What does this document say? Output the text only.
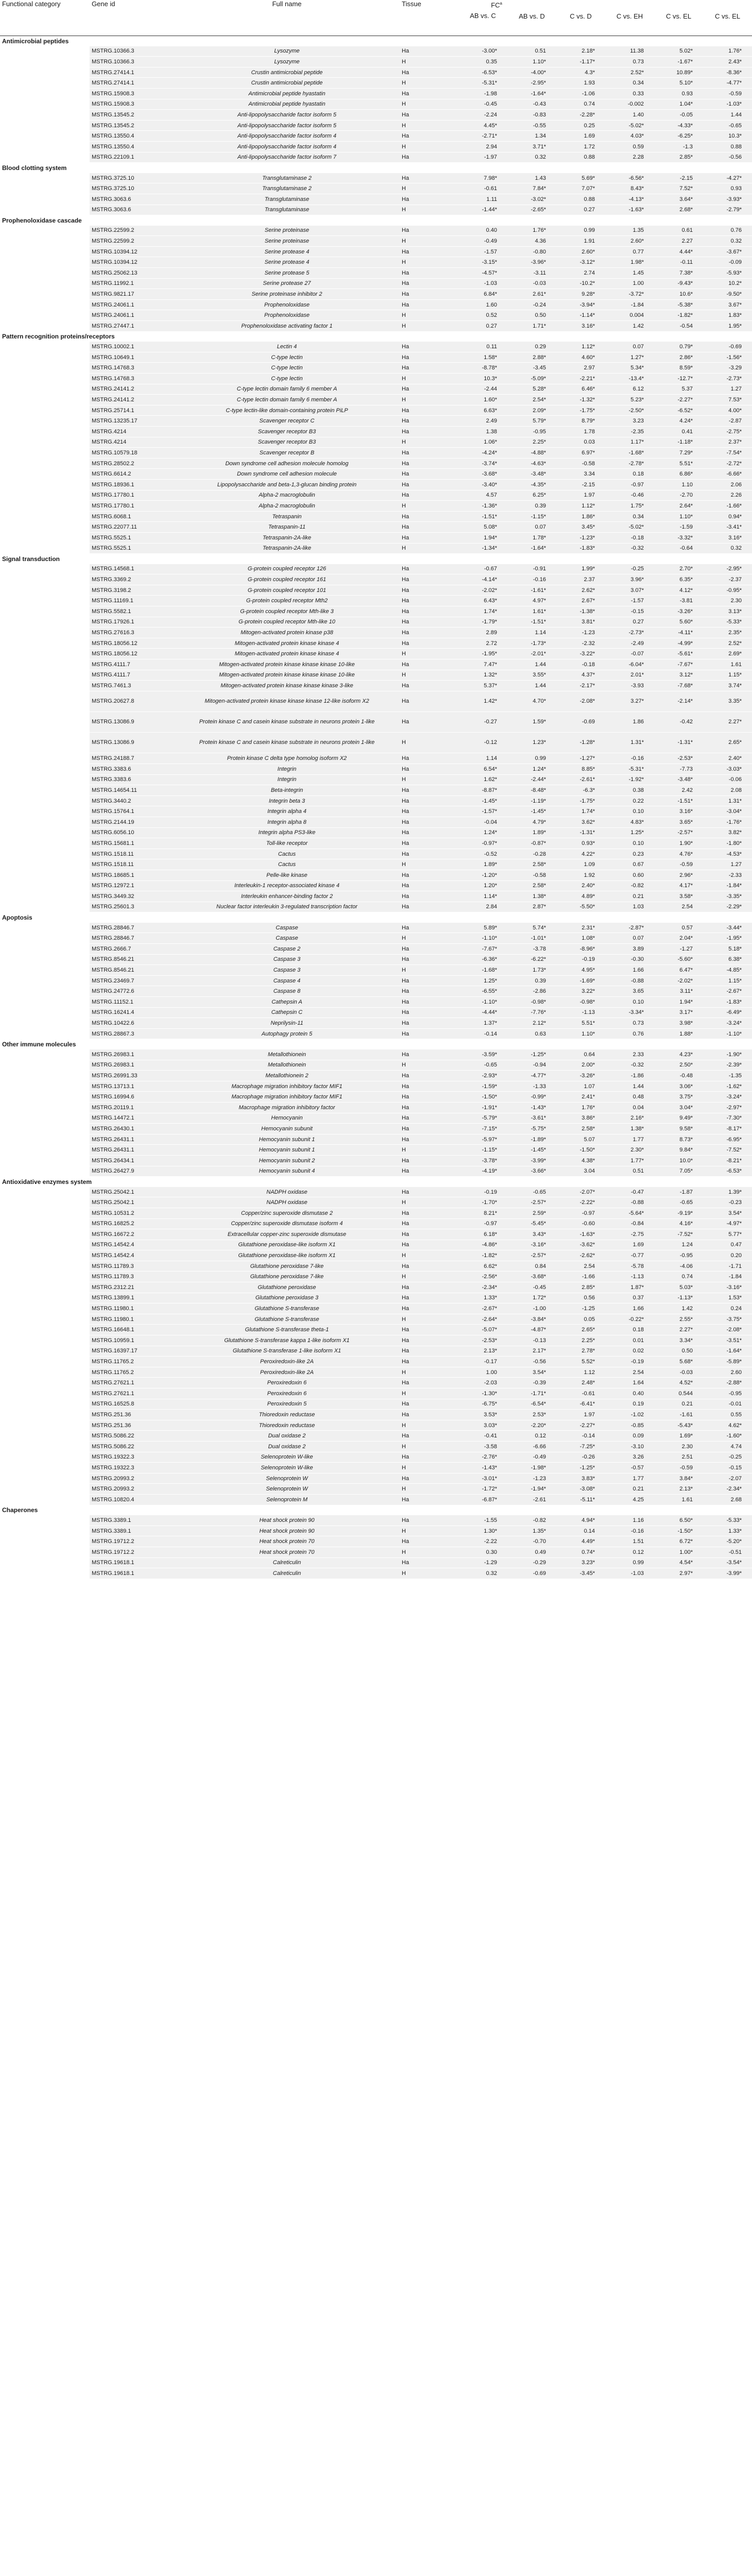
Functional category	Gene id	Full name	Tissue	$FC^a$
AB vs. C	AB vs. D	C vs. D	C vs. EH	C vs. EL	C vs. EL
Antimicrobial peptides									
	MSTRG.10366.3	Lysozyme	Ha	-3.00*	0.51	2.18*	11.38	5.02*	1.76*
	MSTRG.10366.3	Lysozyme	H	0.35	1.10*	-1.17*	0.73	-1.67*	2.43*
	MSTRG.27414.1	Crustin antimicrobial peptide	Ha	-6.53*	-4.00*	4.3*	2.52*	10.89*	-8.36*
	MSTRG.27414.1	Crustin antimicrobial peptide	H	-5.31*	-2.95*	1.93	0.34	5.10*	-4.77*
	MSTRG.15908.3	Antimicrobial peptide hyastatin	Ha	-1.98	-1.64*	-1.06	0.33	0.93	-0.59
	MSTRG.15908.3	Antimicrobial peptide hyastatin	H	-0.45	-0.43	0.74	-0.002	1.04*	-1.03*
	MSTRG.13545.2	Anti-lipopolysaccharide factor isoform 5	Ha	-2.24	-0.83	-2.28*	1.40	-0.05	1.44
	MSTRG.13545.2	Anti-lipopolysaccharide factor isoform 5	H	4.45*	-0.55	0.25	-5.02*	-4.33*	-0.65
	MSTRG.13550.4	Anti-lipopolysaccharide factor isoform 4	Ha	-2.71*	1.34	1.69	4.03*	-6.25*	10.3*
	MSTRG.13550.4	Anti-lipopolysaccharide factor isoform 4	H	2.94	3.71*	1.72	0.59	-1.3	0.88
	MSTRG.22109.1	Anti-lipopolysaccharide factor isoform 7	Ha	-1.97	0.32	0.88	2.28	2.85*	-0.56
Blood clotting system									
	MSTRG.3725.10	Transglutaminase 2	Ha	7.98*	1.43	5.69*	-6.56*	-2.15	-4.27*
	MSTRG.3725.10	Transglutaminase 2	H	-0.61	7.84*	7.07*	8.43*	7.52*	0.93
	MSTRG.3063.6	Transglutaminase	Ha	1.11	-3.02*	0.88	-4.13*	3.64*	-3.93*
	MSTRG.3063.6	Transglutaminase	H	-1.44*	-2.65*	0.27	-1.63*	2.68*	-2.79*
Prophenoloxidase cascade									
	MSTRG.22599.2	Serine proteinase	Ha	0.40	1.76*	0.99	1.35	0.61	0.76
	MSTRG.22599.2	Serine proteinase	H	-0.49	4.36	1.91	2.60*	2.27	0.32
	MSTRG.10394.12	Serine protease 4	Ha	-1.57	-0.80	2.60*	0.77	4.44*	-3.67*
	MSTRG.10394.12	Serine protease 4	H	-3.15*	-3.96*	-3.12*	1.98*	-0.11	-0.09
	MSTRG.25062.13	Serine protease 5	Ha	-4.57*	-3.11	2.74	1.45	7.38*	-5.93*
	MSTRG.11992.1	Serine protease 27	Ha	-1.03	-0.03	-10.2*	1.00	-9.43*	10.2*
	MSTRG.9821.17	Serine proteinase inhibitor 2	Ha	6.84*	2.61*	9.28*	-3.72*	10.6*	-9.50*
	MSTRG.24061.1	Prophenoloxidase	Ha	1.60	-0.24	-3.94*	-1.84	-5.38*	3.67*
	MSTRG.24061.1	Prophenoloxidase	H	0.52	0.50	-1.14*	0.004	-1.82*	1.83*
	MSTRG.27447.1	Prophenoloxidase activating factor 1	H	0.27	1.71*	3.16*	1.42	-0.54	1.95*
Pattern recognition proteins/receptors									
	MSTRG.10002.1	Lectin 4	Ha	0.11	0.29	1.12*	0.07	0.79*	-0.69
	MSTRG.10649.1	C-type lectin	Ha	1.58*	2.88*	4.60*	1.27*	2.86*	-1.56*
	MSTRG.14768.3	C-type lectin	Ha	-8.78*	-3.45	2.97	5.34*	8.59*	-3.29
	MSTRG.14768.3	C-type lectin	H	10.3*	-5.09*	-2.21*	-13.4*	-12.7*	-2.73*
	MSTRG.24141.2	C-type lectin domain family 6 member A	Ha	-2.44	5.28*	6.46*	6.12	5.37	1.27
	MSTRG.24141.2	C-type lectin domain family 6 member A	H	1.60*	2.54*	-1.32*	5.23*	-2.27*	7.53*
	MSTRG.25714.1	C-type lectin-like domain-containing protein PiLP	Ha	6.63*	2.09*	-1.75*	-2.50*	-6.52*	4.00*
	MSTRG.13235.17	Scavenger receptor C	Ha	2.49	5.79*	8.79*	3.23	4.24*	-2.87
	MSTRG.4214	Scavenger receptor B3	Ha	1.38	-0.95	1.78	-2.35	0.41	-2.75*
	MSTRG.4214	Scavenger receptor B3	H	1.06*	2.25*	0.03	1.17*	-1.18*	2.37*
	MSTRG.10579.18	Scavenger receptor B	Ha	-4.24*	-4.88*	6.97*	-1.68*	7.29*	-7.54*
	MSTRG.28502.2	Down syndrome cell adhesion molecule homolog	Ha	-3.74*	-4.63*	-0.58	-2.78*	5.51*	-2.72*
	MSTRG.6614.2	Down syndrome cell adhesion molecule	Ha	-3.68*	-3.48*	3.34	0.18	6.86*	-6.66*
	MSTRG.18936.1	Lipopolysaccharide and beta-1,3-glucan binding protein	Ha	-3.40*	-4.35*	-2.15	-0.97	1.10	2.06
	MSTRG.17780.1	Alpha-2 macroglobulin	Ha	4.57	6.25*	1.97	-0.46	-2.70	2.26
	MSTRG.17780.1	Alpha-2 macroglobulin	H	-1.36*	0.39	1.12*	1.75*	2.64*	-1.66*
	MSTRG.6068.1	Tetraspanin	Ha	-1.51*	-1.15*	1.86*	0.34	1.10*	0.94*
	MSTRG.22077.11	Tetraspanin-11	Ha	5.08*	0.07	3.45*	-5.02*	-1.59	-3.41*
	MSTRG.5525.1	Tetraspanin-2A-like	Ha	1.94*	1.78*	-1.23*	-0.18	-3.32*	3.16*
	MSTRG.5525.1	Tetraspanin-2A-like	H	-1.34*	-1.64*	-1.83*	-0.32	-0.64	0.32
Signal transduction									
	MSTRG.14568.1	G-protein coupled receptor 126	Ha	-0.67	-0.91	1.99*	-0.25	2.70*	-2.95*
	MSTRG.3369.2	G-protein coupled receptor 161	Ha	-4.14*	-0.16	2.37	3.96*	6.35*	-2.37
	MSTRG.3198.2	G-protein coupled receptor 101	Ha	-2.02*	-1.61*	2.62*	3.07*	4.12*	-0.95*
	MSTRG.11169.1	G-protein coupled receptor Mth2	Ha	6.43*	4.97*	2.67*	-1.57	-3.81	2.30
	MSTRG.5582.1	G-protein coupled receptor Mth-like 3	Ha	1.74*	1.61*	-1.38*	-0.15	-3.26*	3.13*
	MSTRG.17926.1	G-protein coupled receptor Mth-like 10	Ha	-1.79*	-1.51*	3.81*	0.27	5.60*	-5.33*
	MSTRG.27616.3	Mitogen-activated protein kinase p38	Ha	2.89	1.14	-1.23	-2.73*	-4.11*	2.35*
	MSTRG.18056.12	Mitogen-activated protein kinase kinase 4	Ha	2.72	-1.73*	-2.32	-2.49	-4.99*	2.52*
	MSTRG.18056.12	Mitogen-activated protein kinase kinase 4	H	-1.95*	-2.01*	-3.22*	-0.07	-5.61*	2.69*
	MSTRG.4111.7	Mitogen-activated protein kinase kinase kinase 10-like	Ha	7.47*	1.44	-0.18	-6.04*	-7.67*	1.61
	MSTRG.4111.7	Mitogen-activated protein kinase kinase kinase 10-like	H	1.32*	3.55*	4.37*	2.01*	3.12*	1.15*
	MSTRG.7461.3	Mitogen-activated protein kinase kinase kinase 3-like	Ha	5.37*	1.44	-2.17*	-3.93	-7.68*	3.74*
	MSTRG.20627.8	Mitogen-activated protein kinase kinase kinase 12-like isoform X2	Ha	1.42*	4.70*	-2.08*	3.27*	-2.14*	3.35*
	MSTRG.13086.9	Protein kinase C and casein kinase substrate in neurons protein 1-like	Ha	-0.27	1.59*	-0.69	1.86	-0.42	2.27*
	MSTRG.13086.9	Protein kinase C and casein kinase substrate in neurons protein 1-like	H	-0.12	1.23*	-1.28*	1.31*	-1.31*	2.65*
	MSTRG.24188.7	Protein kinase C delta type homolog isoform X2	Ha	1.14	0.99	-1.27*	-0.16	-2.53*	2.40*
	MSTRG.3383.6	Integrin	Ha	6.54*	1.24*	8.85*	-5.31*	-7.73	-3.03*
	MSTRG.3383.6	Integrin	H	1.62*	-2.44*	-2.61*	-1.92*	-3.48*	-0.06
	MSTRG.14654.11	Beta-integrin	Ha	-8.87*	-8.48*	-6.3*	0.38	2.42	2.08
	MSTRG.3440.2	Integrin beta 3	Ha	-1.45*	-1.19*	-1.75*	0.22	-1.51*	1.31*
	MSTRG.15764.1	Integrin alpha 4	Ha	-1.57*	-1.45*	1.74*	0.10	3.16*	-3.04*
	MSTRG.2144.19	Integrin alpha 8	Ha	-0.04	4.79*	3.62*	4.83*	3.65*	-1.76*
	MSTRG.6056.10	Integrin alpha PS3-like	Ha	1.24*	1.89*	-1.31*	1.25*	-2.57*	3.82*
	MSTRG.15681.1	Toll-like receptor	Ha	-0.97*	-0.87*	0.93*	0.10	1.90*	-1.80*
	MSTRG.1518.11	Cactus	Ha	-0.52	-0.28	4.22*	0.23	4.76*	-4.53*
	MSTRG.1518.11	Cactus	H	1.89*	2.58*	1.09	0.67	-0.59	1.27
	MSTRG.18685.1	Pelle-like kinase	Ha	-1.20*	-0.58	1.92	0.60	2.96*	-2.33
	MSTRG.12972.1	Interleukin-1 receptor-associated kinase 4	Ha	1.20*	2.58*	2.40*	-0.82	4.17*	-1.84*
	MSTRG.3449.32	Interleukin enhancer-binding factor 2	Ha	1.14*	1.38*	4.89*	0.21	3.58*	-3.35*
	MSTRG.25601.3	Nuclear factor interleukin 3-regulated transcription factor	Ha	2.84	2.87*	-5.50*	1.03	2.54	-2.29*
Apoptosis									
	MSTRG.28846.7	Caspase	Ha	5.89*	5.74*	2.31*	-2.87*	0.57	-3.44*
	MSTRG.28846.7	Caspase	H	-1.10*	-1.01*	1.08*	0.07	2.04*	-1.95*
	MSTRG.2666.7	Caspase 2	Ha	-7.67*	-3.78	-8.96*	3.89	-1.27	5.18*
	MSTRG.8546.21	Caspase 3	Ha	-6.36*	-6.22*	-0.19	-0.30	-5.60*	6.38*
	MSTRG.8546.21	Caspase 3	H	-1.68*	1.73*	4.95*	1.66	6.47*	-4.85*
	MSTRG.23469.7	Caspase 4	Ha	1.25*	0.39	-1.69*	-0.88	-2.02*	1.15*
	MSTRG.24772.6	Caspase 8	Ha	-6.55*	-2.86	3.22*	3.65	3.11*	-2.67*
	MSTRG.11152.1	Cathepsin A	Ha	-1.10*	-0.98*	-0.98*	0.10	1.94*	-1.83*
	MSTRG.16241.4	Cathepsin C	Ha	-4.44*	-7.76*	-1.13	-3.34*	3.17*	-6.49*
	MSTRG.10422.6	Neprilysin-11	Ha	1.37*	2.12*	5.51*	0.73	3.98*	-3.24*
	MSTRG.28867.3	Autophagy protein 5	Ha	-0.14	0.63	1.10*	0.76	1.88*	-1.10*
Other immune molecules									
	MSTRG.26983.1	Metallothionein	Ha	-3.59*	-1.25*	0.64	2.33	4.23*	-1.90*
	MSTRG.26983.1	Metallothionein	H	-0.65	-0.94	2.00*	-0.32	2.50*	-2.39*
	MSTRG.26991.33	Metallothionein 2	Ha	-2.93*	-4.77*	-3.26*	-1.86	-0.48	-1.35
	MSTRG.13713.1	Macrophage migration inhibitory factor MIF1	Ha	-1.59*	-1.33	1.07	1.44	3.06*	-1.62*
	MSTRG.16994.6	Macrophage migration inhibitory factor MIF1	Ha	-1.50*	-0.99*	2.41*	0.48	3.75*	-3.24*
	MSTRG.20119.1	Macrophage migration inhibitory factor	Ha	-1.91*	-1.43*	1.76*	0.04	3.04*	-2.97*
	MSTRG.14472.1	Hemocyanin	Ha	-5.79*	-3.61*	3.86*	2.16*	9.49*	-7.30*
	MSTRG.26430.1	Hemocyanin subunit	Ha	-7.15*	-5.75*	2.58*	1.38*	9.58*	-8.17*
	MSTRG.26431.1	Hemocyanin subunit 1	Ha	-5.97*	-1.89*	5.07	1.77	8.73*	-6.95*
	MSTRG.26431.1	Hemocyanin subunit 1	H	-1.15*	-1.45*	-1.50*	2.30*	9.84*	-7.52*
	MSTRG.26434.1	Hemocyanin subunit 2	Ha	-3.78*	-3.99*	4.38*	1.77*	10.0*	-8.21*
	MSTRG.26427.9	Hemocyanin subunit 4	Ha	-4.19*	-3.66*	3.04	0.51	7.05*	-6.53*
Antioxidative enzymes system									
	MSTRG.25042.1	NADPH oxidase	Ha	-0.19	-0.65	-2.07*	-0.47	-1.87	1.39*
	MSTRG.25042.1	NADPH oxidase	H	-1.70*	-2.57*	-2.22*	-0.88	-0.65	-0.23
	MSTRG.10531.2	Copper/zinc superoxide dismutase 2	Ha	8.21*	2.59*	-0.97	-5.64*	-9.19*	3.54*
	MSTRG.16825.2	Copper/zinc superoxide dismutase isoform 4	Ha	-0.97	-5.45*	-0.60	-0.84	4.16*	-4.97*
	MSTRG.16672.2	Extracellular copper-zinc superoxide dismutase	Ha	6.18*	3.43*	-1.63*	-2.75	-7.52*	5.77*
	MSTRG.14542.4	Glutathione peroxidase-like isoform X1	Ha	-4.86*	-3.16*	-3.62*	1.69	1.24	0.47
	MSTRG.14542.4	Glutathione peroxidase-like isoform X1	H	-1.82*	-2.57*	-2.62*	-0.77	-0.95	0.20
	MSTRG.11789.3	Glutathione peroxidase 7-like	Ha	6.62*	0.84	2.54	-5.78	-4.06	-1.71
	MSTRG.11789.3	Glutathione peroxidase 7-like	H	-2.56*	-3.68*	-1.66	-1.13	0.74	-1.84
	MSTRG.2312.21	Glutathione peroxidase	Ha	-2.34*	-0.45	2.85*	1.87*	5.03*	-3.16*
	MSTRG.13899.1	Glutathione peroxidase 3	Ha	1.33*	1.72*	0.56	0.37	-1.13*	1.53*
	MSTRG.11980.1	Glutathione S-transferase	Ha	-2.67*	-1.00	-1.25	1.66	1.42	0.24
	MSTRG.11980.1	Glutathione S-transferase	H	-2.64*	-3.84*	0.05	-0.22*	2.55*	-3.75*
	MSTRG.16648.1	Glutathione S-transferase theta-1	Ha	-5.07*	-4.87*	2.65*	0.18	2.27*	-2.08*
	MSTRG.10959.1	Glutathione S-transferase kappa 1-like isoform X1	Ha	-2.53*	-0.13	2.25*	0.01	3.34*	-3.51*
	MSTRG.16397.17	Glutathione S-transferase 1-like isoform X1	Ha	2.13*	2.17*	2.78*	0.02	0.50	-1.64*
	MSTRG.11765.2	Peroxiredoxin-like 2A	Ha	-0.17	-0.56	5.52*	-0.19	5.68*	-5.89*
	MSTRG.11765.2	Peroxiredoxin-like 2A	H	1.00	3.54*	1.12	2.54	-0.03	2.60
	MSTRG.27621.1	Peroxiredoxin 6	Ha	-2.03	-0.39	2.48*	1.64	4.52*	-2.88*
	MSTRG.27621.1	Peroxiredoxin 6	H	-1.30*	-1.71*	-0.61	0.40	0.544	-0.95
	MSTRG.16525.8	Peroxiredoxin 5	Ha	-6.75*	-6.54*	-6.41*	0.19	0.21	-0.01
	MSTRG.251.36	Thioredoxin reductase	Ha	3.53*	2.53*	1.97	-1.02	-1.61	0.55
	MSTRG.251.36	Thioredoxin reductase	H	3.03*	-2.20*	-2.27*	-0.85	-5.43*	4.62*
	MSTRG.5086.22	Dual oxidase 2	Ha	-0.41	0.12	-0.14	0.09	1.69*	-1.60*
	MSTRG.5086.22	Dual oxidase 2	H	-3.58	-6.66	-7.25*	-3.10	2.30	4.74
	MSTRG.19322.3	Selenoprotein W-like	Ha	-2.76*	-0.49	-0.26	3.26	2.51	-0.25
	MSTRG.19322.3	Selenoprotein W-like	H	-1.43*	-1.98*	-1.25*	-0.57	-0.59	-0.15
	MSTRG.20993.2	Selenoprotein W	Ha	-3.01*	-1.23	3.83*	1.77	3.84*	-2.07
	MSTRG.20993.2	Selenoprotein W	H	-1.72*	-1.94*	-3.08*	0.21	2.13*	-2.34*
	MSTRG.10820.4	Selenoprotein M	Ha	-6.87*	-2.61	-5.11*	4.25	1.61	2.68
Chaperones									
	MSTRG.3389.1	Heat shock protein 90	Ha	-1.55	-0.82	4.94*	1.16	6.50*	-5.33*
	MSTRG.3389.1	Heat shock protein 90	H	1.30*	1.35*	0.14	-0.16	-1.50*	1.33*
	MSTRG.19712.2	Heat shock protein 70	Ha	-2.22	-0.70	4.49*	1.51	6.72*	-5.20*
	MSTRG.19712.2	Heat shock protein 70	H	0.30	0.49	0.74*	0.12	1.00*	-0.51
	MSTRG.19618.1	Calreticulin	Ha	-1.29	-0.29	3.23*	0.99	4.54*	-3.54*
	MSTRG.19618.1	Calreticulin	H	0.32	-0.69	-3.45*	-1.03	2.97*	-3.99*
